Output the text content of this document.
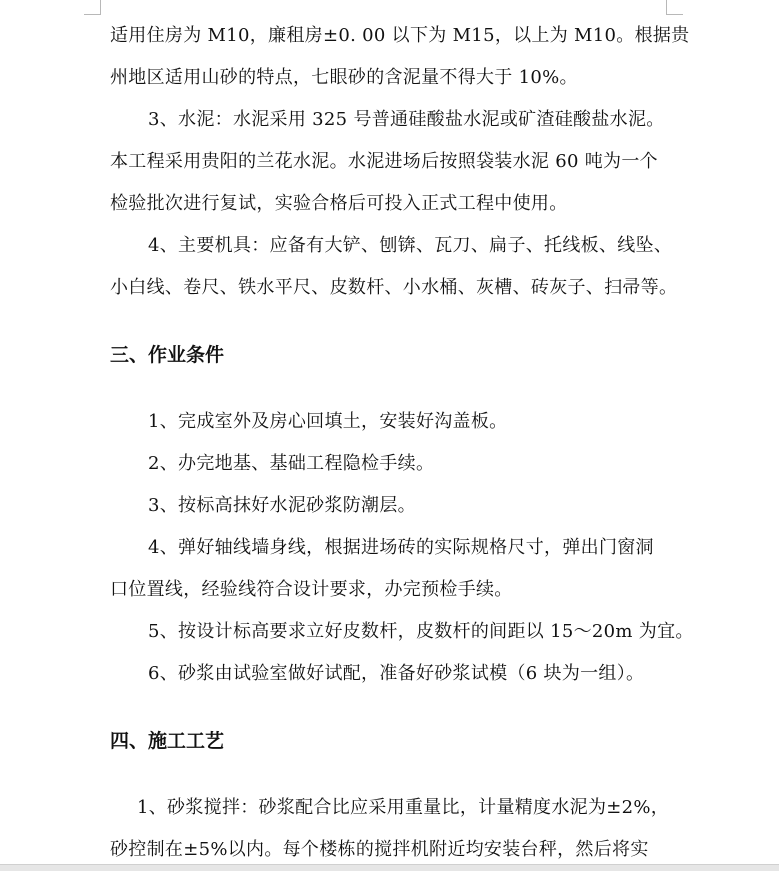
适用住房为 M10，廉租房±0. 00 以下为 M15，以上为 M10。根据贵
州地区适用山砂的特点，七眼砂的含泥量不得大于 10%。
3、水泥：水泥采用 325 号普通硅酸盐水泥或矿渣硅酸盐水泥。
本工程采用贵阳的兰花水泥。水泥进场后按照袋装水泥 60 吨为一个
检验批次进行复试，实验合格后可投入正式工程中使用。
4、主要机具：应备有大铲、刨锛、瓦刀、扁子、托线板、线坠、
小白线、卷尺、铁水平尺、皮数杆、小水桶、灰槽、砖灰子、扫帚等。
三、作业条件
1、完成室外及房心回填土，安装好沟盖板。
2、办完地基、基础工程隐检手续。
3、按标高抹好水泥砂浆防潮层。
4、弹好轴线墙身线，根据进场砖的实际规格尺寸，弹出门窗洞
口位置线，经验线符合设计要求，办完预检手续。
5、按设计标高要求立好皮数杆，皮数杆的间距以 15～20m 为宜。
6、砂浆由试验室做好试配，准备好砂浆试模（6 块为一组）。
四、施工工艺
1、砂浆搅拌：砂浆配合比应采用重量比，计量精度水泥为±2%，
砂控制在±5%以内。每个楼栋的搅拌机附近均安装台秤，然后将实
